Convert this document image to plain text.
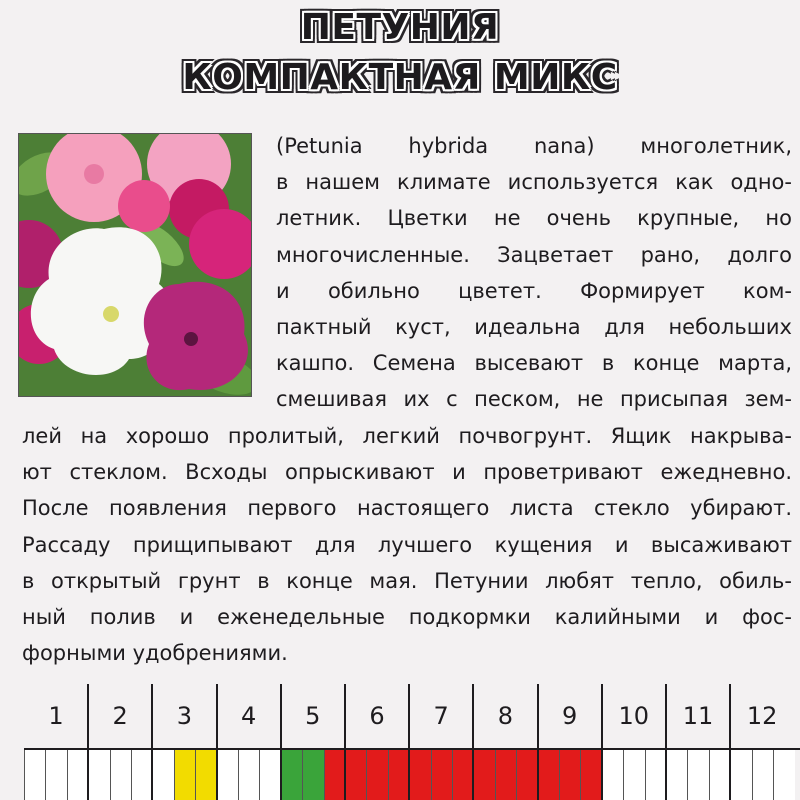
ПЕТУНИЯ
КОМПАКТНАЯ МИКС
(Petunia hybrida nana) многолетник,
в нашем климате используется как одно-
летник. Цветки не очень крупные, но
многочисленные. Зацветает рано, долго
и обильно цветет. Формирует ком-
пактный куст, идеальна для небольших
кашпо. Семена высевают в конце марта,
смешивая их с песком, не присыпая зем-
лей на хорошо пролитый, легкий почвогрунт. Ящик накрыва-
ют стеклом. Всходы опрыскивают и проветривают ежедневно.
После появления первого настоящего листа стекло убирают.
Рассаду прищипывают для лучшего кущения и высаживают
в открытый грунт в конце мая. Петунии любят тепло, обиль-
ный полив и еженедельные подкормки калийными и фос-
форными удобрениями.
1	2	3	4	5	6	7	8	9	10	11	12
